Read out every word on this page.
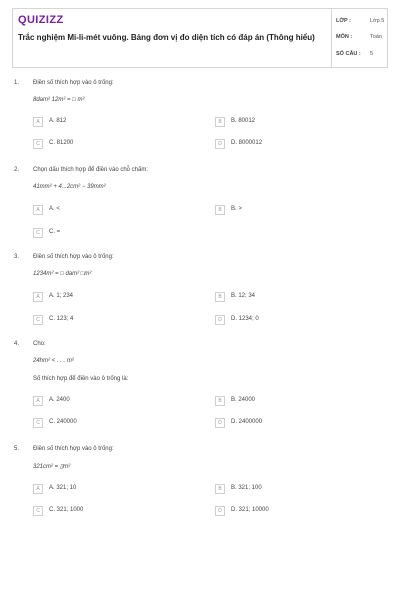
QUIZIZZ
Trắc nghiệm Mi-li-mét vuông. Bảng đơn vị đo diện tích có đáp án (Thông hiểu)
LỚP :	Lớp 5
MÔN :	Toán
SỐ CÂU : 5
1. Điền số thích hợp vào ô trống:
8dam² 12m² = □ m²
A	A. 812	B	B. 80012
C	C. 81200	D	D. 8000012
2. Chọn dấu thích hợp để điền vào chỗ chấm:
41mm² + 4...2cm² − 39mm²
A	A. <	B	B. >
C	C. =
3. Điền số thích hợp vào ô trống:
1234m² = □ dam² □m²
A	A. 1; 234	B	B. 12; 34
C	C. 123; 4	D	D. 1234; 0
4. Cho:
24hm² < . . . m²
Số thích hợp để điền vào ô trống là:
A	A. 2400	B	B. 24000
C	C. 240000	D	D. 2400000
5. Điền số thích hợp vào ô trống:
321cm² = ▯m²
A	A. 321; 10	B	B. 321; 100
C	C. 321; 1000	D	D. 321; 10000
